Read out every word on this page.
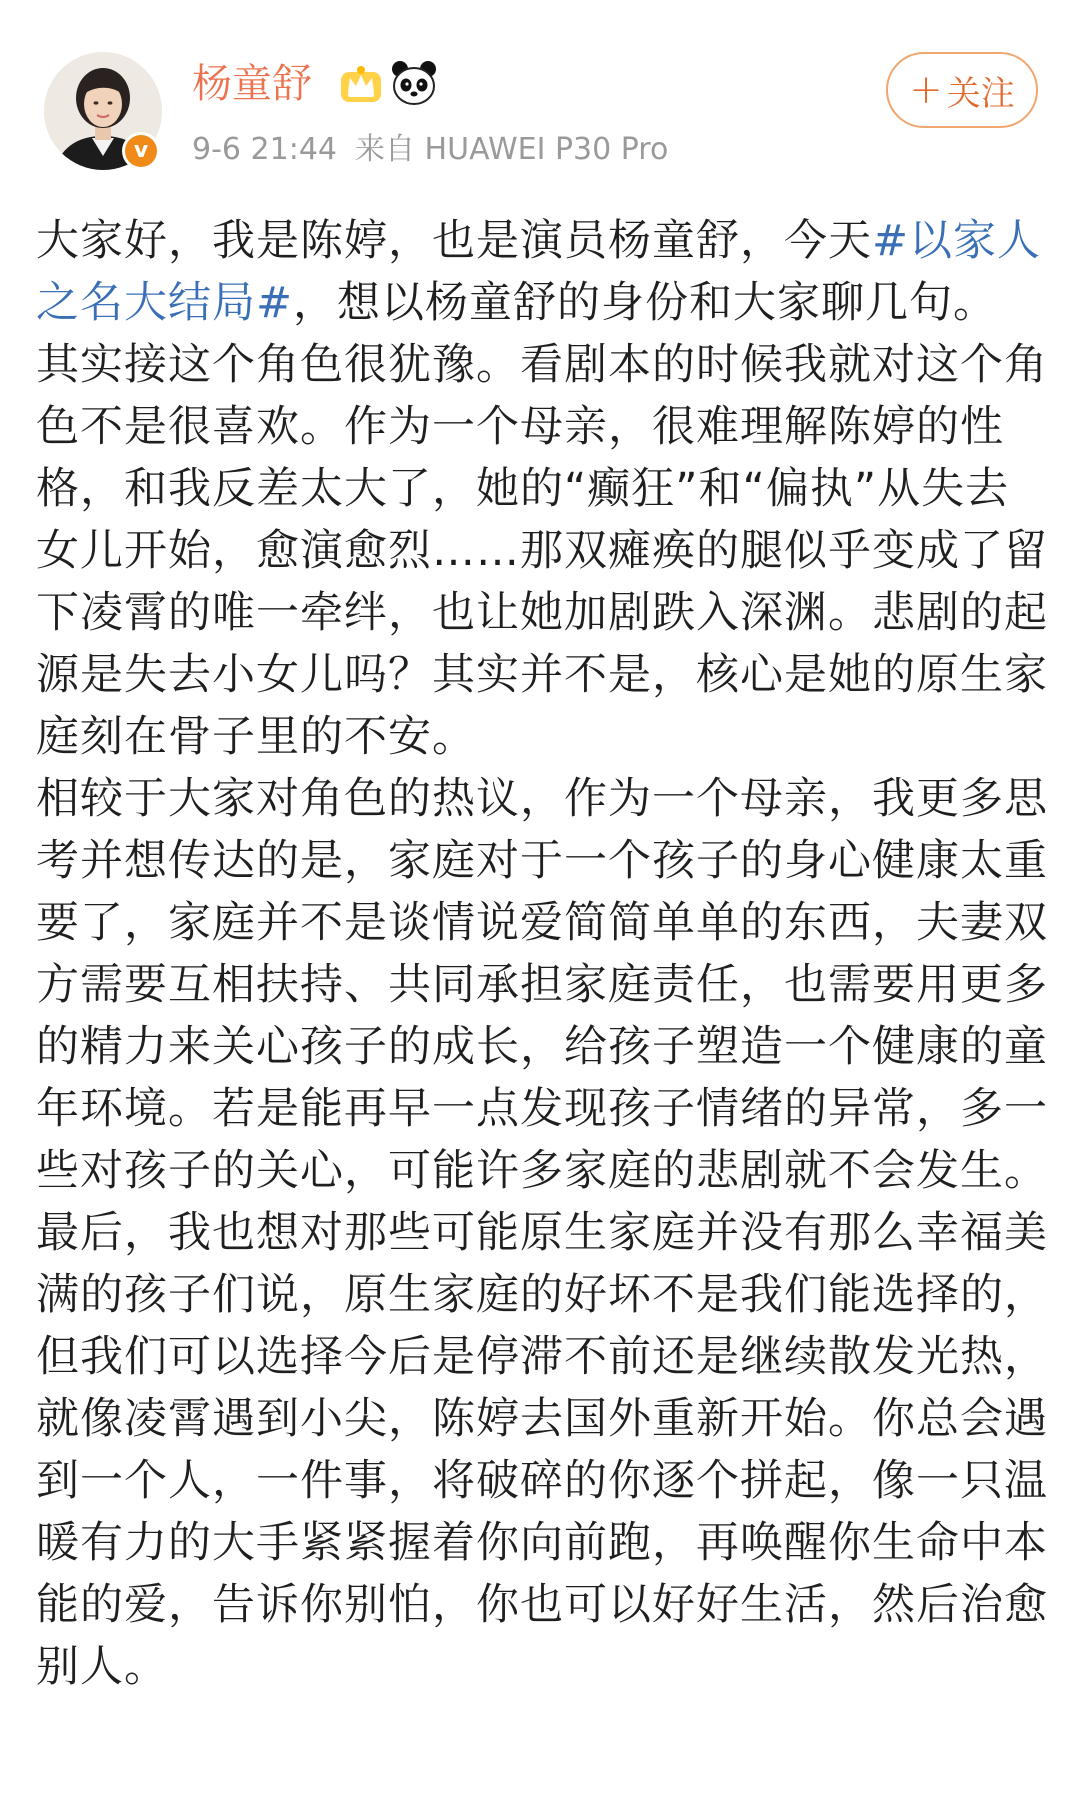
v
杨童舒
9-6 21:44 来自 HUAWEI P30 Pro
+ 关注

大家好，我是陈婷，也是演员杨童舒，今天#以家人之名大结局#，想以杨童舒的身份和大家聊几句。

其实接这个角色很犹豫。看剧本的时候我就对这个角色不是很喜欢。作为一个母亲，很难理解陈婷的性格，和我反差太大了，她的“癫狂”和“偏执”从失去女儿开始，愈演愈烈……那双瘫痪的腿似乎变成了留下凌霄的唯一牵绊，也让她加剧跌入深渊。悲剧的起源是失去小女儿吗？其实并不是，核心是她的原生家庭刻在骨子里的不安。

相较于大家对角色的热议，作为一个母亲，我更多思考并想传达的是，家庭对于一个孩子的身心健康太重要了，家庭并不是谈情说爱简简单单的东西，夫妻双方需要互相扶持、共同承担家庭责任，也需要用更多的精力来关心孩子的成长，给孩子塑造一个健康的童年环境。若是能再早一点发现孩子情绪的异常，多一些对孩子的关心，可能许多家庭的悲剧就不会发生。

最后，我也想对那些可能原生家庭并没有那么幸福美满的孩子们说，原生家庭的好坏不是我们能选择的，但我们可以选择今后是停滞不前还是继续散发光热，就像凌霄遇到小尖，陈婷去国外重新开始。你总会遇到一个人，一件事，将破碎的你逐个拼起，像一只温暖有力的大手紧紧握着你向前跑，再唤醒你生命中本能的爱，告诉你别怕，你也可以好好生活，然后治愈别人。
